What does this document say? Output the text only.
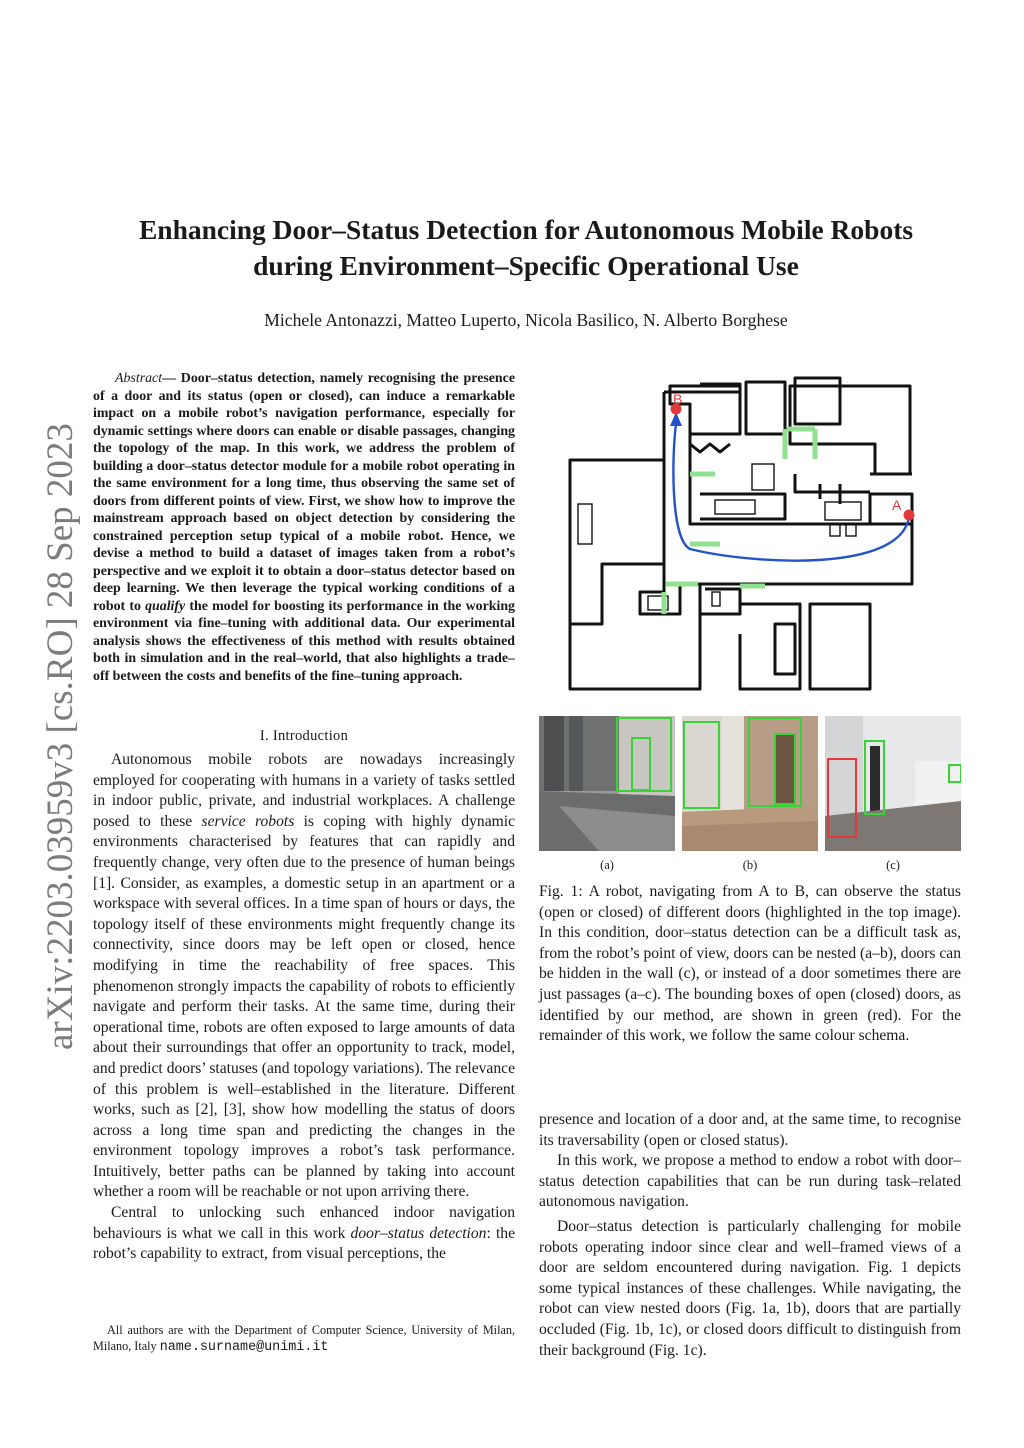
arXiv:2203.03959v3 [cs.RO] 28 Sep 2023
Enhancing Door–Status Detection for Autonomous Mobile Robots
during Environment–Specific Operational Use
Michele Antonazzi, Matteo Luperto, Nicola Basilico, N. Alberto Borghese
Abstract— Door–status detection, namely recognising the presence of a door and its status (open or closed), can induce a remarkable impact on a mobile robot’s navigation performance, especially for dynamic settings where doors can enable or disable passages, changing the topology of the map. In this work, we address the problem of building a door–status detector module for a mobile robot operating in the same environment for a long time, thus observing the same set of doors from different points of view. First, we show how to improve the mainstream approach based on object detection by considering the constrained perception setup typical of a mobile robot. Hence, we devise a method to build a dataset of images taken from a robot’s perspective and we exploit it to obtain a door–status detector based on deep learning. We then leverage the typical working conditions of a robot to qualify the model for boosting its performance in the working environment via fine–tuning with additional data. Our experimental analysis shows the effectiveness of this method with results obtained both in simulation and in the real–world, that also highlights a trade–off between the costs and benefits of the fine–tuning approach.
I. Introduction

Autonomous mobile robots are nowadays increasingly employed for cooperating with humans in a variety of tasks settled in indoor public, private, and industrial workplaces. A challenge posed to these service robots is coping with highly dynamic environments characterised by features that can rapidly and frequently change, very often due to the presence of human beings [1]. Consider, as examples, a domestic setup in an apartment or a workspace with several offices. In a time span of hours or days, the topology itself of these environments might frequently change its connectivity, since doors may be left open or closed, hence modifying in time the reachability of free spaces. This phenomenon strongly impacts the capability of robots to efficiently navigate and perform their tasks. At the same time, during their operational time, robots are often exposed to large amounts of data about their surroundings that offer an opportunity to track, model, and predict doors’ statuses (and topology variations). The relevance of this problem is well–established in the literature. Different works, such as [2], [3], show how modelling the status of doors across a long time span and predicting the changes in the environment topology improves a robot’s task performance. Intuitively, better paths can be planned by taking into account whether a room will be reachable or not upon arriving there.

Central to unlocking such enhanced indoor navigation behaviours is what we call in this work door–status detection: the robot’s capability to extract, from visual perceptions, the

All authors are with the Department of Computer Science, University of Milan, Milano, Italy name.surname@unimi.it
A
B
(a)	(b)	(c)
Fig. 1: A robot, navigating from A to B, can observe the status (open or closed) of different doors (highlighted in the top image). In this condition, door–status detection can be a difficult task as, from the robot’s point of view, doors can be nested (a–b), doors can be hidden in the wall (c), or instead of a door sometimes there are just passages (a–c). The bounding boxes of open (closed) doors, as identified by our method, are shown in green (red). For the remainder of this work, we follow the same colour schema.

presence and location of a door and, at the same time, to recognise its traversability (open or closed status).

In this work, we propose a method to endow a robot with door–status detection capabilities that can be run during task–related autonomous navigation.

Door–status detection is particularly challenging for mobile robots operating indoor since clear and well–framed views of a door are seldom encountered during navigation. Fig. 1 depicts some typical instances of these challenges. While navigating, the robot can view nested doors (Fig. 1a, 1b), doors that are partially occluded (Fig. 1b, 1c), or closed doors difficult to distinguish from their background (Fig. 1c).
